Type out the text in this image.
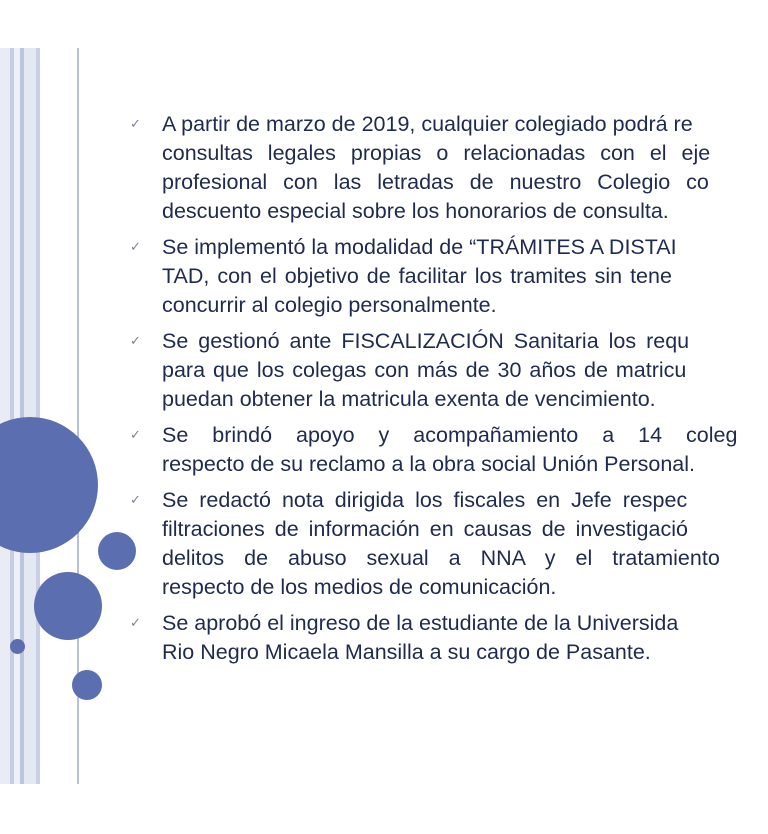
✓ A partir de marzo de 2019, cualquier colegiado podrá re
consultas legales propias o relacionadas con el eje
profesional con las letradas de nuestro Colegio co
descuento especial sobre los honorarios de consulta.
✓ Se implementó la modalidad de “TRÁMITES A DISTAI
TAD, con el objetivo de facilitar los tramites sin tene
concurrir al colegio personalmente.
✓ Se gestionó ante FISCALIZACIÓN Sanitaria los requ
para que los colegas con más de 30 años de matricu
puedan obtener la matricula exenta de vencimiento.
✓ Se brindó apoyo y acompañamiento a 14 coleg
respecto de su reclamo a la obra social Unión Personal.
✓ Se redactó nota dirigida los fiscales en Jefe respec
filtraciones de información en causas de investigació
delitos de abuso sexual a NNA y el tratamiento
respecto de los medios de comunicación.
✓ Se aprobó el ingreso de la estudiante de la Universida
Rio Negro Micaela Mansilla a su cargo de Pasante.
